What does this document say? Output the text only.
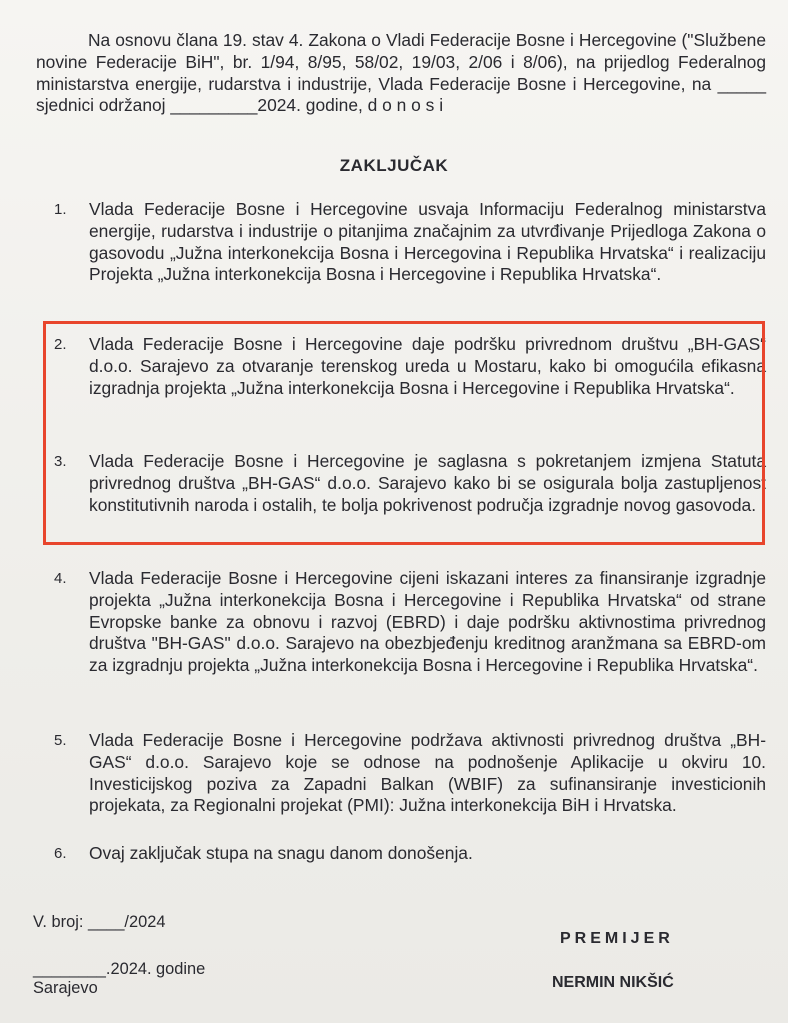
Na osnovu člana 19. stav 4. Zakona o Vladi Federacije Bosne i Hercegovine ("Službene novine Federacije BiH", br. 1/94, 8/95, 58/02, 19/03, 2/06 i 8/06), na prijedlog Federalnog ministarstva energije, rudarstva i industrije, Vlada Federacije Bosne i Hercegovine, na _____ sjednici održanoj _________2024. godine, d o n o s i
ZAKLJUČAK
1.	Vlada Federacije Bosne i Hercegovine usvaja Informaciju Federalnog ministarstva energije, rudarstva i industrije o pitanjima značajnim za utvrđivanje Prijedloga Zakona o gasovodu „Južna interkonekcija Bosna i Hercegovina i Republika Hrvatska“ i realizaciju Projekta „Južna interkonekcija Bosna i Hercegovine i Republika Hrvatska“.
2.	Vlada Federacije Bosne i Hercegovine daje podršku privrednom društvu „BH-GAS“ d.o.o. Sarajevo za otvaranje terenskog ureda u Mostaru, kako bi omogućila efikasna izgradnja projekta „Južna interkonekcija Bosna i Hercegovine i Republika Hrvatska“.
3.	Vlada Federacije Bosne i Hercegovine je saglasna s pokretanjem izmjena Statuta privrednog društva „BH-GAS“ d.o.o. Sarajevo kako bi se osigurala bolja zastupljenost konstitutivnih naroda i ostalih, te bolja pokrivenost područja izgradnje novog gasovoda.
4.	Vlada Federacije Bosne i Hercegovine cijeni iskazani interes za finansiranje izgradnje projekta „Južna interkonekcija Bosna i Hercegovine i Republika Hrvatska“ od strane Evropske banke za obnovu i razvoj (EBRD) i daje podršku aktivnostima privrednog društva "BH-GAS" d.o.o. Sarajevo na obezbjeđenju kreditnog aranžmana sa EBRD-om za izgradnju projekta „Južna interkonekcija Bosna i Hercegovine i Republika Hrvatska“.
5.	Vlada Federacije Bosne i Hercegovine podržava aktivnosti privrednog društva „BH-GAS“ d.o.o. Sarajevo koje se odnose na podnošenje Aplikacije u okviru 10. Investicijskog poziva za Zapadni Balkan (WBIF) za sufinansiranje investicionih projekata, za Regionalni projekat (PMI): Južna interkonekcija BiH i Hrvatska.
6.	Ovaj zaključak stupa na snagu danom donošenja.
V. broj: ____/2024
________.2024. godine
Sarajevo
PREMIJER
NERMIN NIKŠIĆ
